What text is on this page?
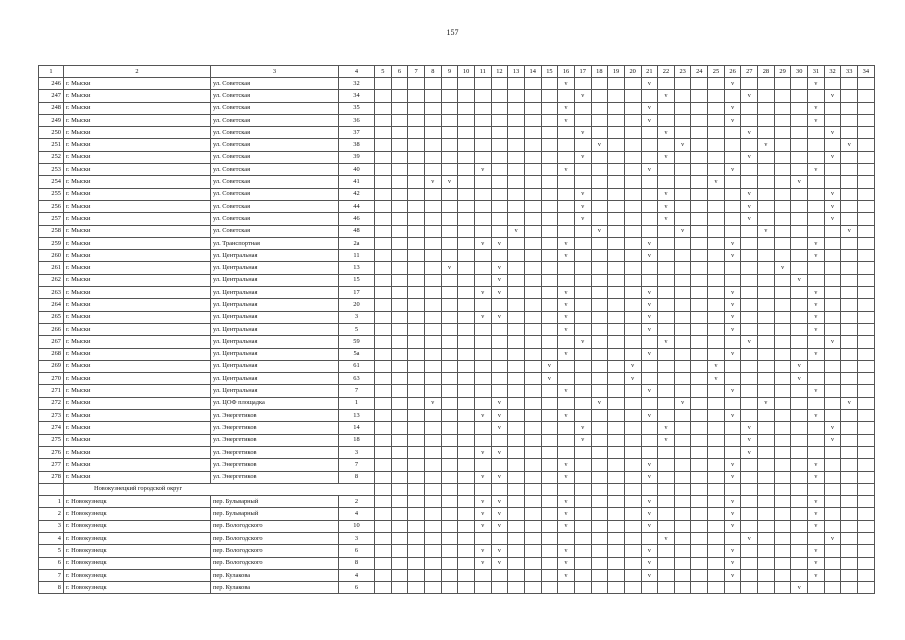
157
1	2	3	4	5	6	7	8	9	10	11	12	13	14	15	16	17	18	19	20	21	22	23	24	25	26	27	28	29	30	31	32	33	34
246	г. Мыски	ул. Советская	32												v					v					v					v			
247	г. Мыски	ул. Советская	34													v					v					v					v		
248	г. Мыски	ул. Советская	35												v					v					v					v			
249	г. Мыски	ул. Советская	36												v					v					v					v			
250	г. Мыски	ул. Советская	37													v					v					v					v		
251	г. Мыски	ул. Советская	38														v					v					v					v	
252	г. Мыски	ул. Советская	39													v					v					v					v		
253	г. Мыски	ул. Советская	40							v					v					v					v					v			
254	г. Мыски	ул. Советская	41				v	v																v					v				
255	г. Мыски	ул. Советская	42													v					v					v					v		
256	г. Мыски	ул. Советская	44													v					v					v					v		
257	г. Мыски	ул. Советская	46													v					v					v					v		
258	г. Мыски	ул. Советская	48									v					v					v					v					v	
259	г. Мыски	ул. Транспортная	2а							v	v				v					v					v					v			
260	г. Мыски	ул. Центральная	11												v					v					v					v			
261	г. Мыски	ул. Центральная	13					v			v																	v					
262	г. Мыски	ул. Центральная	15								v																		v				
263	г. Мыски	ул. Центральная	17							v	v				v					v					v					v			
264	г. Мыски	ул. Центральная	20												v					v					v					v			
265	г. Мыски	ул. Центральная	3							v	v				v					v					v					v			
266	г. Мыски	ул. Центральная	5												v					v					v					v			
267	г. Мыски	ул. Центральная	59													v					v					v					v		
268	г. Мыски	ул. Центральная	5а												v					v					v					v			
269	г. Мыски	ул. Центральная	61											v					v					v					v				
270	г. Мыски	ул. Центральная	63											v					v					v					v				
271	г. Мыски	ул. Центральная	7												v					v					v					v			
272	г. Мыски	ул. ЦОФ площадка	1				v				v						v					v					v					v	
273	г. Мыски	ул. Энергетиков	13							v	v				v					v					v					v			
274	г. Мыски	ул. Энергетиков	14								v					v					v					v					v		
275	г. Мыски	ул. Энергетиков	18													v					v					v					v		
276	г. Мыски	ул. Энергетиков	3							v	v															v							
277	г. Мыски	ул. Энергетиков	7												v					v					v					v			
278	г. Мыски	ул. Энергетиков	8							v	v				v					v					v					v			
	Новокузнецкий городской округ																																
1	г. Новокузнецк	пер. Бульварный	2							v	v				v					v					v					v			
2	г. Новокузнецк	пер. Бульварный	4							v	v				v					v					v					v			
3	г. Новокузнецк	пер. Вологодского	10							v	v				v					v					v					v			
4	г. Новокузнецк	пер. Вологодского	3																		v					v					v		
5	г. Новокузнецк	пер. Вологодского	6							v	v				v					v					v					v			
6	г. Новокузнецк	пер. Вологодского	8							v	v				v					v					v					v			
7	г. Новокузнецк	пер. Кулакова	4												v					v					v					v			
8	г. Новокузнецк	пер. Кулакова	6																										v				
